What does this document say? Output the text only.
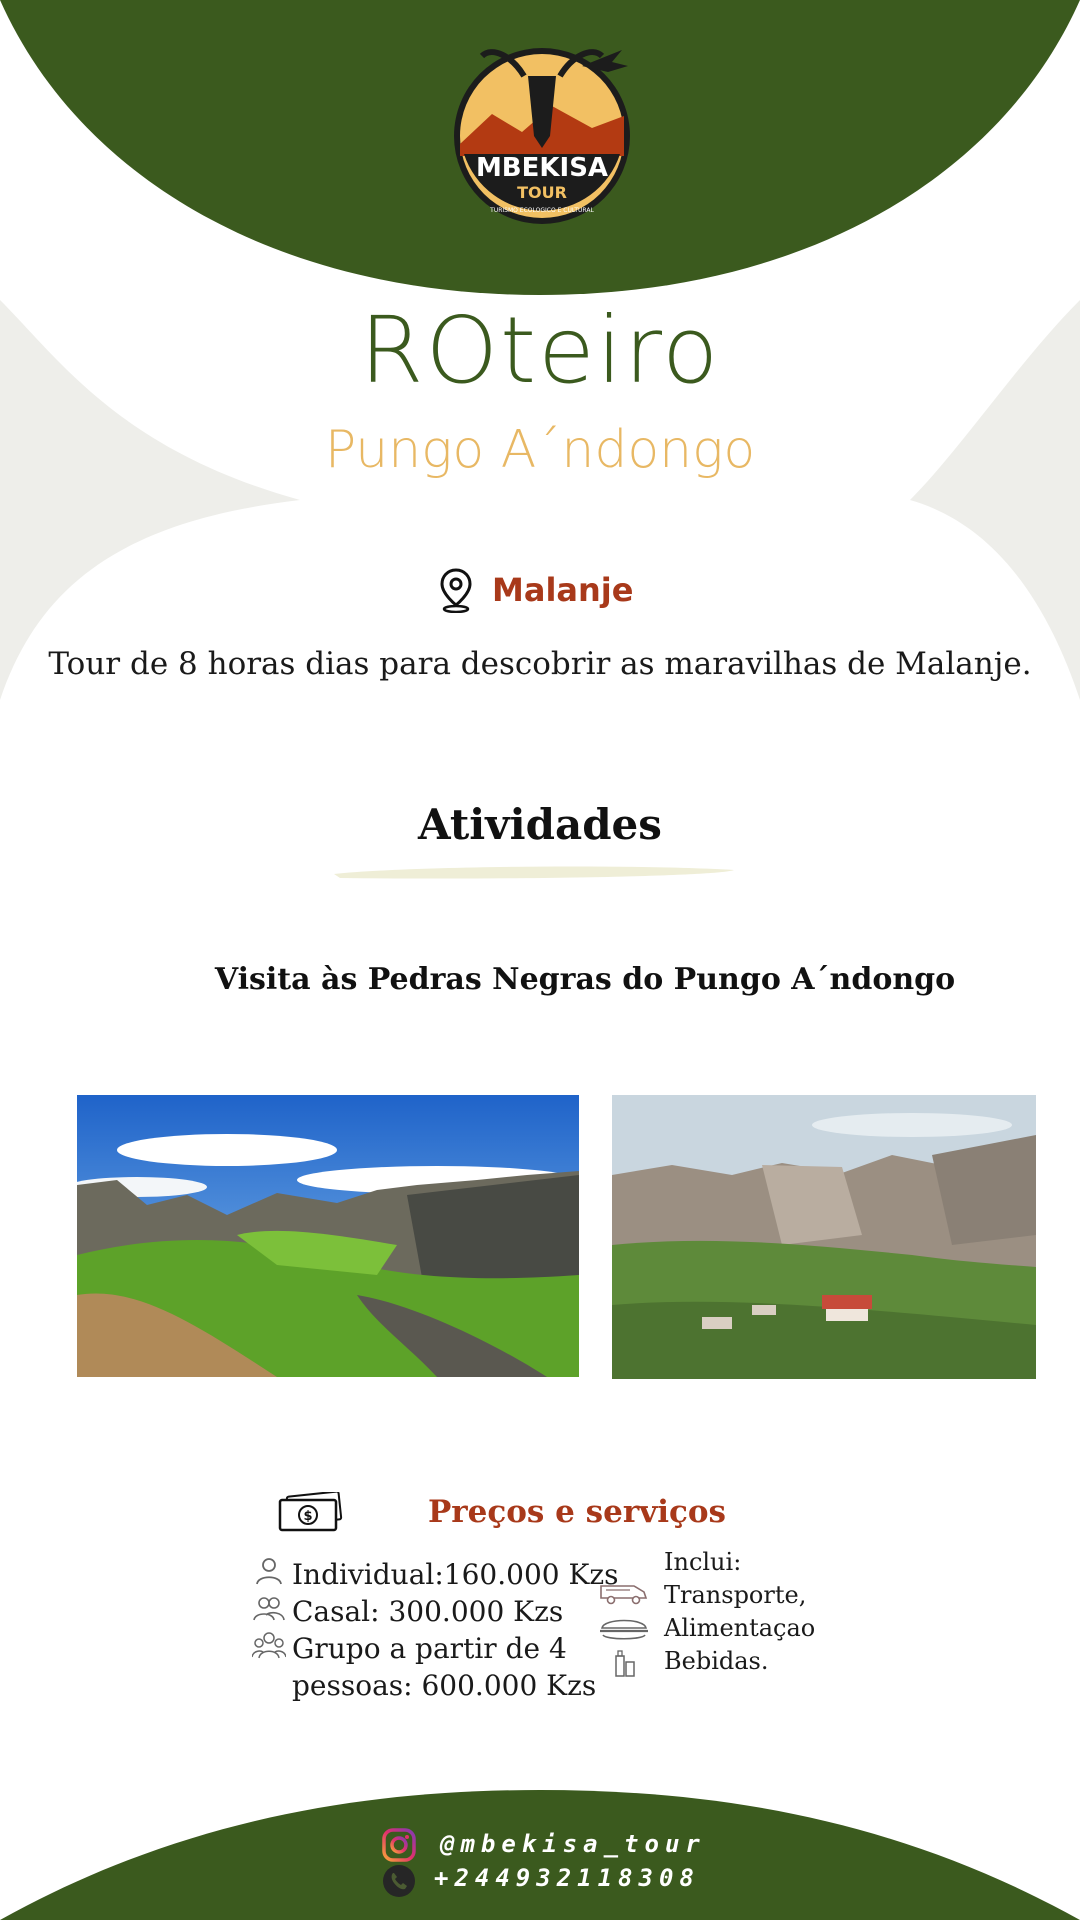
MBEKISA
TOUR
TURISMO ECOLOGICO E CULTURAL
ROteiro
Pungo A´ndongo
Malanje
Tour de 8 horas dias para descobrir as maravilhas de Malanje.
Atividades
Visita às Pedras Negras do Pungo A´ndongo
$	Preços e serviços
Individual:160.000 Kzs
Casal: 300.000 Kzs
Grupo a partir de 4
pessoas: 600.000 Kzs
Inclui:
Transporte,
Alimentaçao
Bebidas.
@mbekisa_tour
+244932118308
